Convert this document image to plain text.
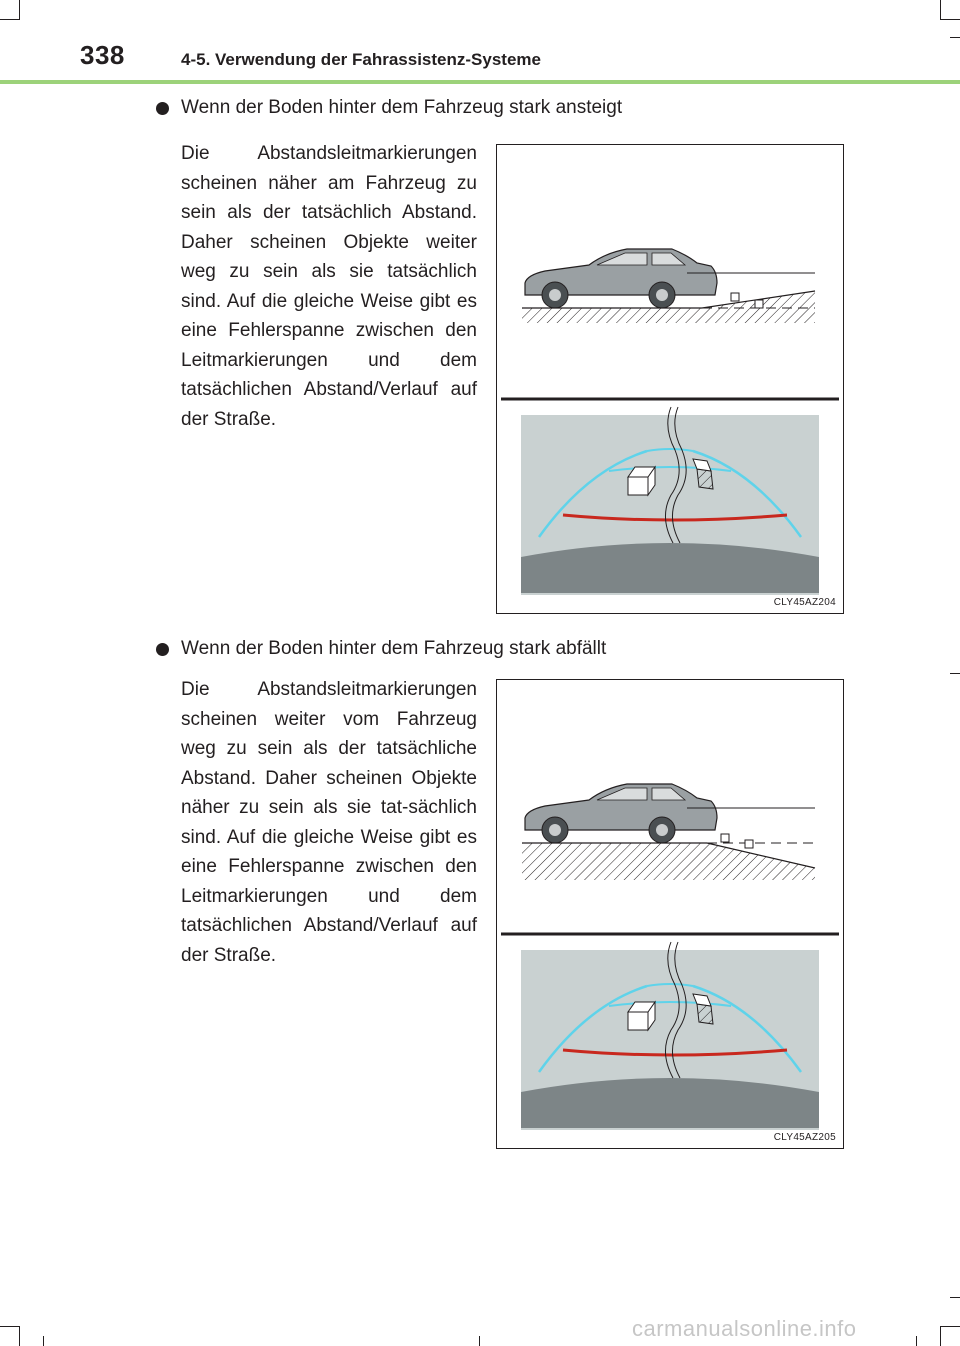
338	4-5. Verwendung der Fahrassistenz-Systeme
Wenn der Boden hinter dem Fahrzeug stark ansteigt
Die Abstandsleitmarkierungen scheinen näher am Fahrzeug zu sein als der tatsächlich Abstand. Daher scheinen Objekte weiter weg zu sein als sie tatsächlich sind. Auf die gleiche Weise gibt es eine Fehlerspanne zwischen den Leitmarkierungen und dem tatsächlichen Abstand/Verlauf auf der Straße.
CLY45AZ204
Wenn der Boden hinter dem Fahrzeug stark abfällt
Die Abstandsleitmarkierungen scheinen weiter vom Fahrzeug weg zu sein als der tatsächliche Abstand. Daher scheinen Objekte näher zu sein als sie tat-sächlich sind. Auf die gleiche Weise gibt es eine Fehlerspanne zwischen den Leitmarkierungen und dem tatsächlichen Abstand/Verlauf auf der Straße.
CLY45AZ205
carmanualsonline.info
